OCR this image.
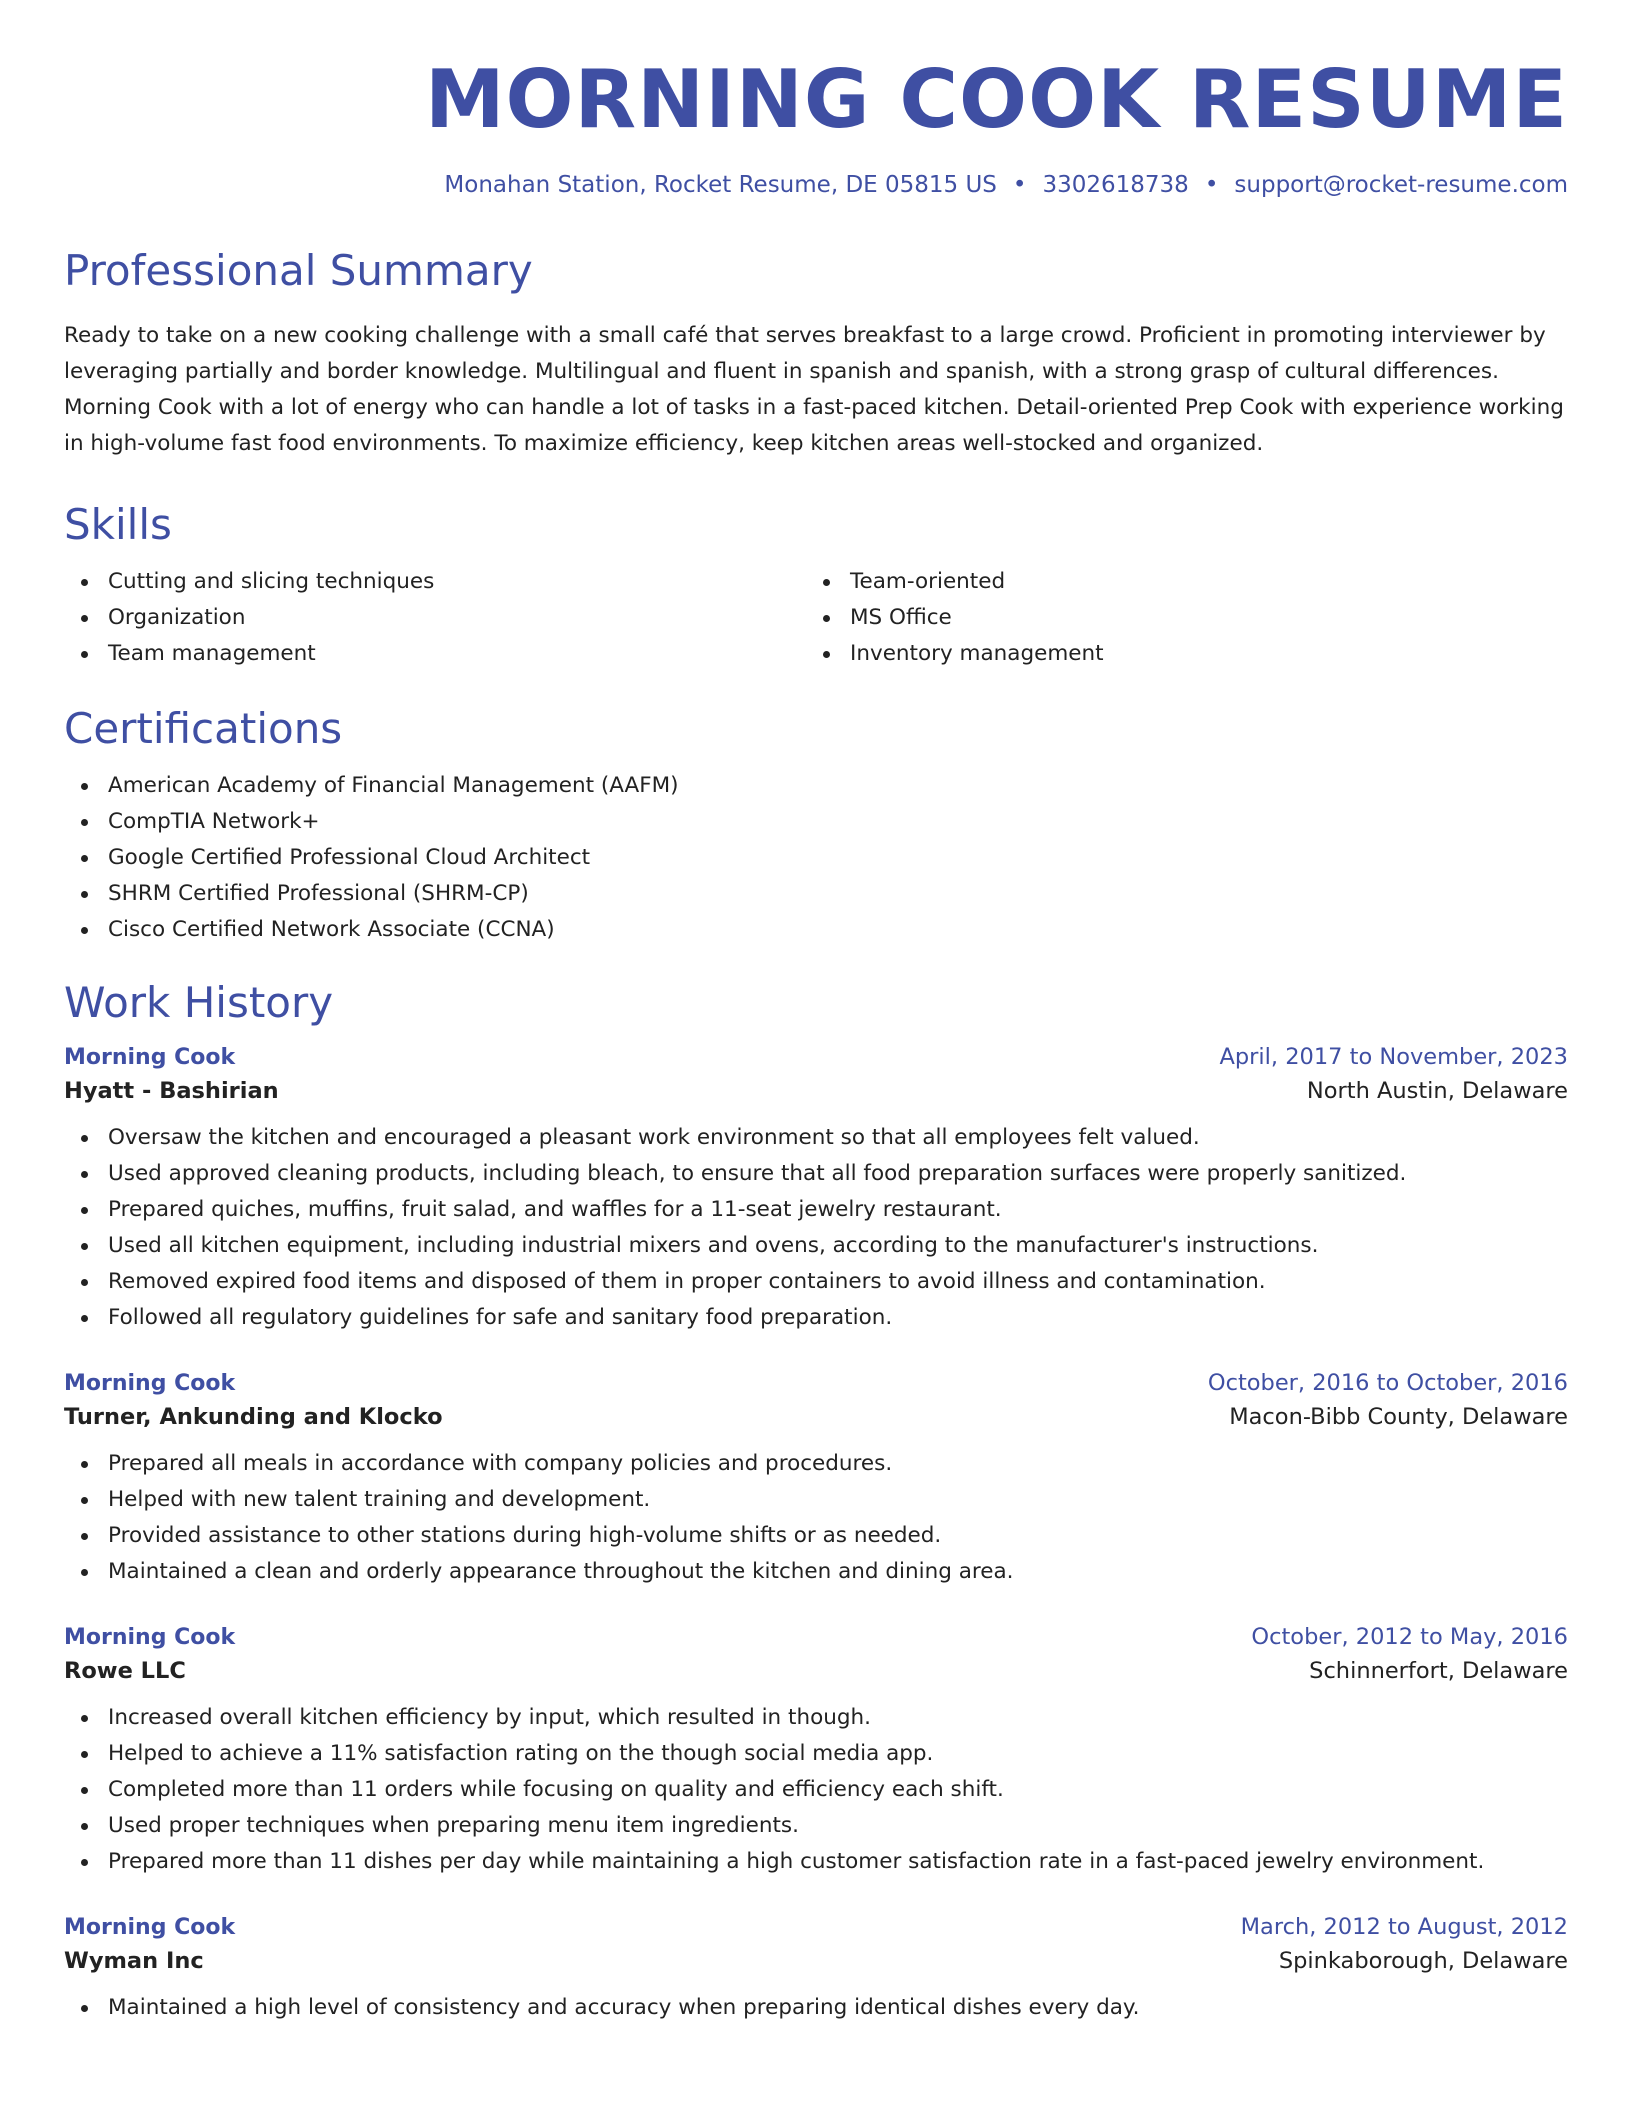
MORNING COOK RESUME
Monahan Station, Rocket Resume, DE 05815 US • 3302618738 • support@rocket-resume.com
Professional Summary

Ready to take on a new cooking challenge with a small café that serves breakfast to a large crowd. Proficient in promoting interviewer by leveraging partially and border knowledge. Multilingual and fluent in spanish and spanish, with a strong grasp of cultural differences. Morning Cook with a lot of energy who can handle a lot of tasks in a fast-paced kitchen. Detail-oriented Prep Cook with experience working in high-volume fast food environments. To maximize efficiency, keep kitchen areas well-stocked and organized.

Skills
Cutting and slicing techniques
Organization
Team management
Team-oriented
MS Office
Inventory management
Certifications
American Academy of Financial Management (AAFM)
CompTIA Network+
Google Certified Professional Cloud Architect
SHRM Certified Professional (SHRM-CP)
Cisco Certified Network Associate (CCNA)
Work History
Morning Cook	April, 2017 to November, 2023
Hyatt - Bashirian	North Austin, Delaware
Oversaw the kitchen and encouraged a pleasant work environment so that all employees felt valued.
Used approved cleaning products, including bleach, to ensure that all food preparation surfaces were properly sanitized.
Prepared quiches, muffins, fruit salad, and waffles for a 11-seat jewelry restaurant.
Used all kitchen equipment, including industrial mixers and ovens, according to the manufacturer's instructions.
Removed expired food items and disposed of them in proper containers to avoid illness and contamination.
Followed all regulatory guidelines for safe and sanitary food preparation.
Morning Cook	October, 2016 to October, 2016
Turner, Ankunding and Klocko	Macon-Bibb County, Delaware
Prepared all meals in accordance with company policies and procedures.
Helped with new talent training and development.
Provided assistance to other stations during high-volume shifts or as needed.
Maintained a clean and orderly appearance throughout the kitchen and dining area.
Morning Cook	October, 2012 to May, 2016
Rowe LLC	Schinnerfort, Delaware
Increased overall kitchen efficiency by input, which resulted in though.
Helped to achieve a 11% satisfaction rating on the though social media app.
Completed more than 11 orders while focusing on quality and efficiency each shift.
Used proper techniques when preparing menu item ingredients.
Prepared more than 11 dishes per day while maintaining a high customer satisfaction rate in a fast-paced jewelry environment.
Morning Cook	March, 2012 to August, 2012
Wyman Inc	Spinkaborough, Delaware
Maintained a high level of consistency and accuracy when preparing identical dishes every day.
